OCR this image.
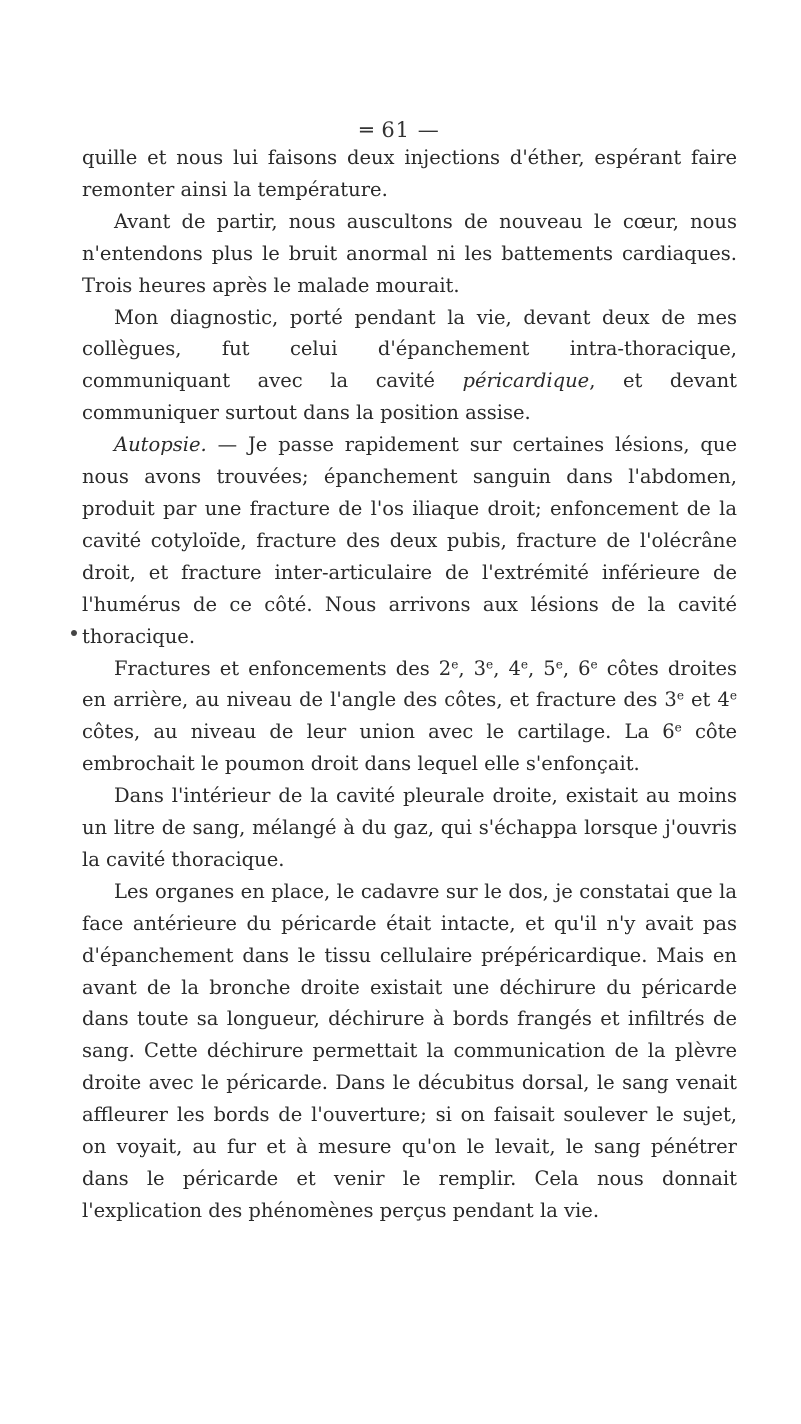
═ 61 —

quille et nous lui faisons deux injections d'éther, espérant faire remonter ainsi la température.

Avant de partir, nous auscultons de nouveau le cœur, nous n'entendons plus le bruit anormal ni les battements cardiaques. Trois heures après le malade mourait.

Mon diagnostic, porté pendant la vie, devant deux de mes collègues, fut celui d'épanchement intra-thoracique, communiquant avec la cavité péricardique, et devant communiquer surtout dans la position assise.

Autopsie. — Je passe rapidement sur certaines lésions, que nous avons trouvées; épanchement sanguin dans l'abdomen, produit par une fracture de l'os iliaque droit; enfoncement de la cavité cotyloïde, fracture des deux pubis, fracture de l'olécrâne droit, et fracture inter-articulaire de l'extrémité inférieure de l'humérus de ce côté. Nous arrivons aux lésions de la cavité thoracique.

Fractures et enfoncements des 2e, 3e, 4e, 5e, 6e côtes droites en arrière, au niveau de l'angle des côtes, et fracture des 3e et 4e côtes, au niveau de leur union avec le cartilage. La 6e côte embrochait le poumon droit dans lequel elle s'enfonçait.

Dans l'intérieur de la cavité pleurale droite, existait au moins un litre de sang, mélangé à du gaz, qui s'échappa lorsque j'ouvris la cavité thoracique.

Les organes en place, le cadavre sur le dos, je constatai que la face antérieure du péricarde était intacte, et qu'il n'y avait pas d'épanchement dans le tissu cellulaire prépéricardique. Mais en avant de la bronche droite existait une déchirure du péricarde dans toute sa longueur, déchirure à bords frangés et infiltrés de sang. Cette déchirure permettait la communication de la plèvre droite avec le péricarde. Dans le décubitus dorsal, le sang venait affleurer les bords de l'ouverture; si on faisait soulever le sujet, on voyait, au fur et à mesure qu'on le levait, le sang pénétrer dans le péricarde et venir le remplir. Cela nous donnait l'explication des phénomènes perçus pendant la vie.
